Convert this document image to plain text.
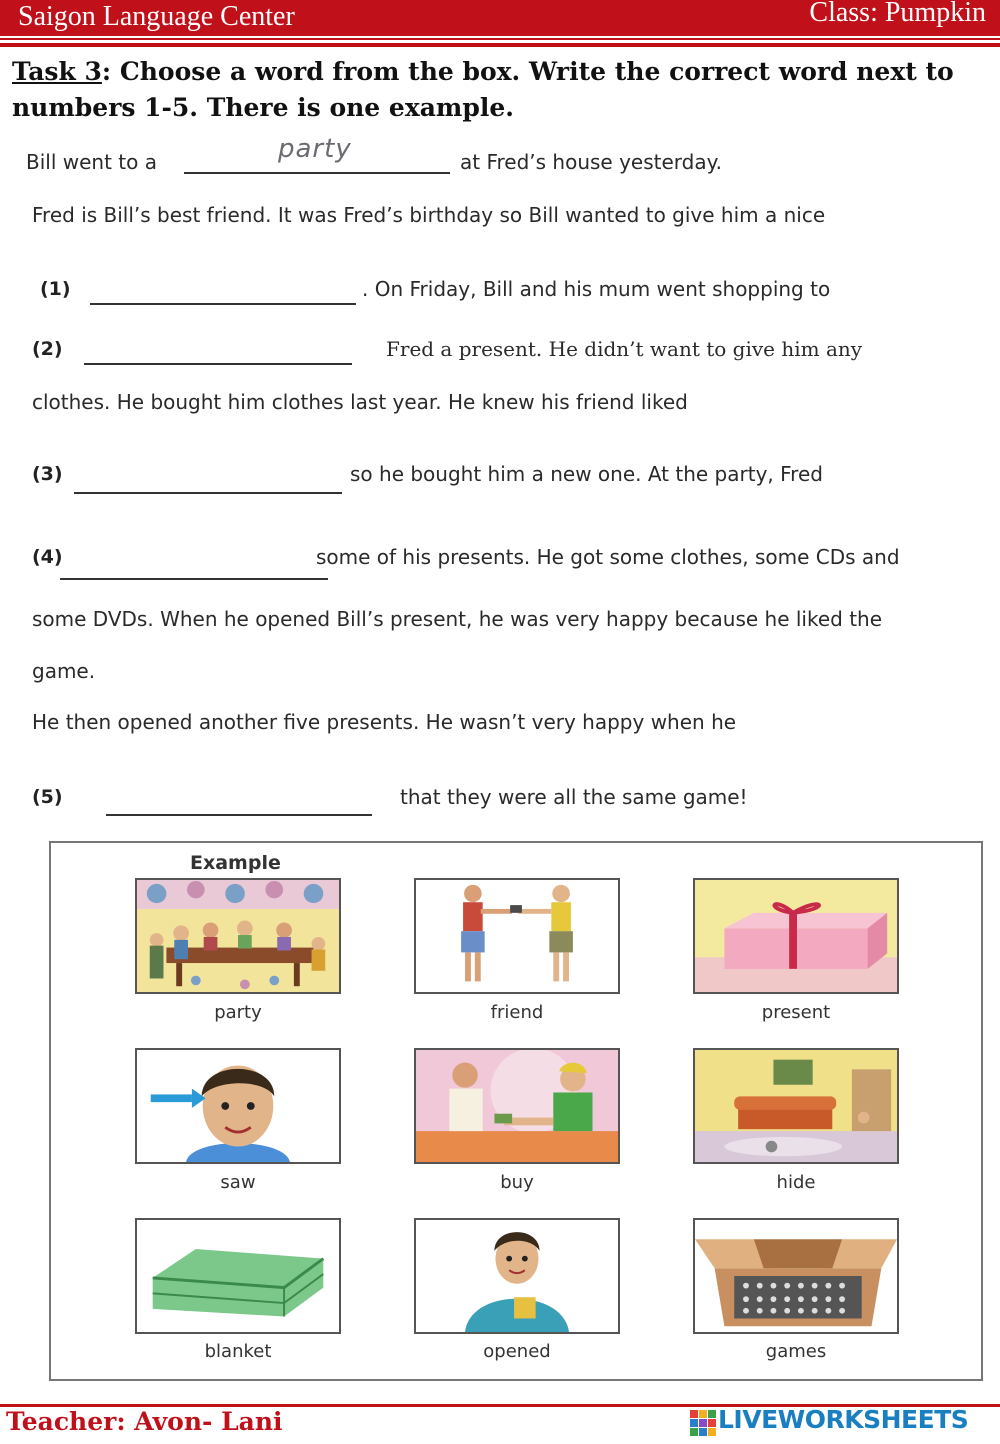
Saigon Language Center	Class: Pumpkin
Task 3: Choose a word from the box. Write the correct word next to numbers 1-5. There is one example.
Bill went to a	party	at Fred’s house yesterday.
Fred is Bill’s best friend. It was Fred’s birthday so Bill wanted to give him a nice
(1)	. On Friday, Bill and his mum went shopping to
(2)	Fred a present. He didn’t want to give him any
clothes. He bought him clothes last year. He knew his friend liked
(3)	so he bought him a new one. At the party, Fred
(4)	some of his presents. He got some clothes, some CDs and
some DVDs. When he opened Bill’s present, he was very happy because he liked the
game.
He then opened another five presents. He wasn’t very happy when he
(5)	that they were all the same game!
Example
party	friend	present
saw	buy	hide
blanket	opened	games
Teacher: Avon- Lani	LIVEWORKSHEETS
